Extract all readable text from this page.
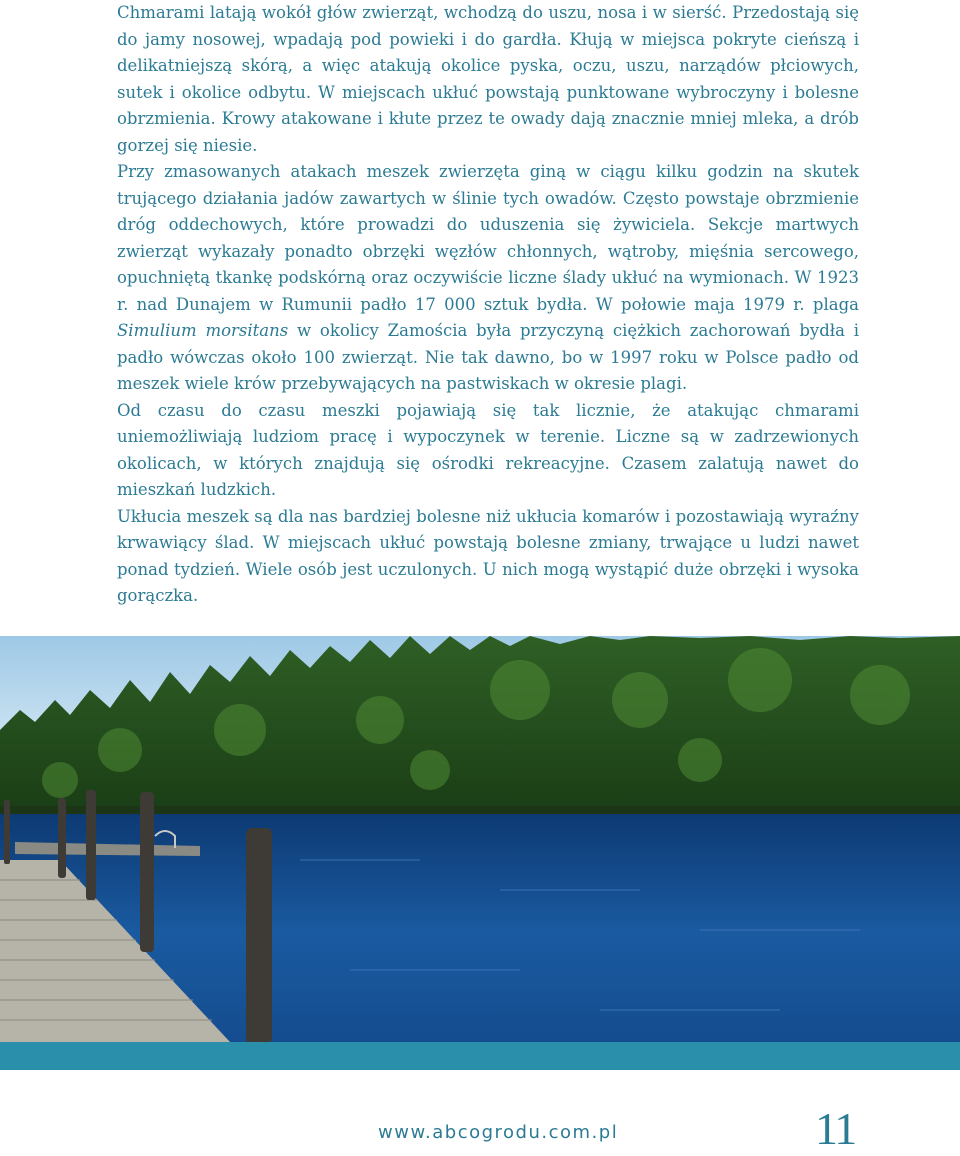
Chmarami latają wokół głów zwierząt, wchodzą do uszu, nosa i w sierść. Przedostają się do jamy nosowej, wpadają pod powieki i do gardła. Kłują w miejsca pokryte cieńszą i delikatniejszą skórą, a więc atakują okolice pyska, oczu, uszu, narządów płciowych, sutek i okolice odbytu. W miejscach ukłuć powstają punktowane wybroczyny i bolesne obrzmienia. Krowy atakowane i kłute przez te owady dają znacznie mniej mleka, a drób gorzej się niesie.

Przy zmasowanych atakach meszek zwierzęta giną w ciągu kilku godzin na skutek trującego działania jadów zawartych w ślinie tych owadów. Często powstaje obrzmienie dróg oddechowych, które prowadzi do uduszenia się żywiciela. Sekcje martwych zwierząt wykazały ponadto obrzęki węzłów chłonnych, wątroby, mięśnia sercowego, opuchniętą tkankę podskórną oraz oczywiście liczne ślady ukłuć na wymionach. W 1923 r. nad Dunajem w Rumunii padło 17 000 sztuk bydła. W połowie maja 1979 r. plaga Simulium morsitans w okolicy Zamościa była przyczyną ciężkich zachorowań bydła i padło wówczas około 100 zwierząt. Nie tak dawno, bo w 1997 roku w Polsce padło od meszek wiele krów przebywających na pastwiskach w okresie plagi.

Od czasu do czasu meszki pojawiają się tak licznie, że atakując chmarami uniemożliwiają ludziom pracę i wypoczynek w terenie. Liczne są w zadrzewionych okolicach, w których znajdują się ośrodki rekreacyjne. Czasem zalatują nawet do mieszkań ludzkich.

Ukłucia meszek są dla nas bardziej bolesne niż ukłucia komarów i pozostawiają wyraźny krwawiący ślad. W miejscach ukłuć powstają bolesne zmiany, trwające u ludzi nawet ponad tydzień. Wiele osób jest uczulonych. U nich mogą wystąpić duże obrzęki i wysoka gorączka.

www.abcogrodu.com.pl	11
